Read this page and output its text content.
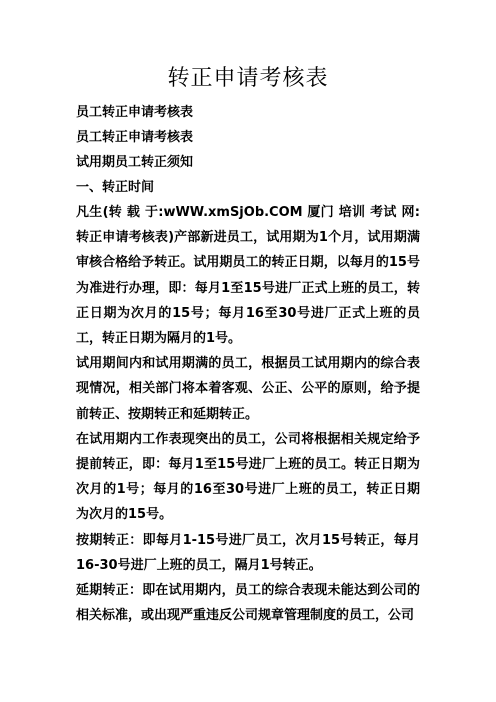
转正申请考核表

员工转正申请考核表

员工转正申请考核表

试用期员工转正须知

一、转正时间

凡生(转 载 于:wWW.xmSjOb.COM 厦门 培训 考试 网:转正申请考核表)产部新进员工，试用期为1个月，试用期满审核合格给予转正。试用期员工的转正日期，以每月的15号为准进行办理，即：每月1至15号进厂正式上班的员工，转正日期为次月的15号；每月16至30号进厂正式上班的员工，转正日期为隔月的1号。

试用期间内和试用期满的员工，根据员工试用期内的综合表现情况，相关部门将本着客观、公正、公平的原则，给予提前转正、按期转正和延期转正。

在试用期内工作表现突出的员工，公司将根据相关规定给予提前转正，即：每月1至15号进厂上班的员工。转正日期为次月的1号；每月的16至30号进厂上班的员工，转正日期为次月的15号。

按期转正：即每月1-15号进厂员工，次月15号转正，每月16-30号进厂上班的员工，隔月1号转正。

延期转正：即在试用期内，员工的综合表现未能达到公司的相关标准，或出现严重违反公司规章管理制度的员工，公司
